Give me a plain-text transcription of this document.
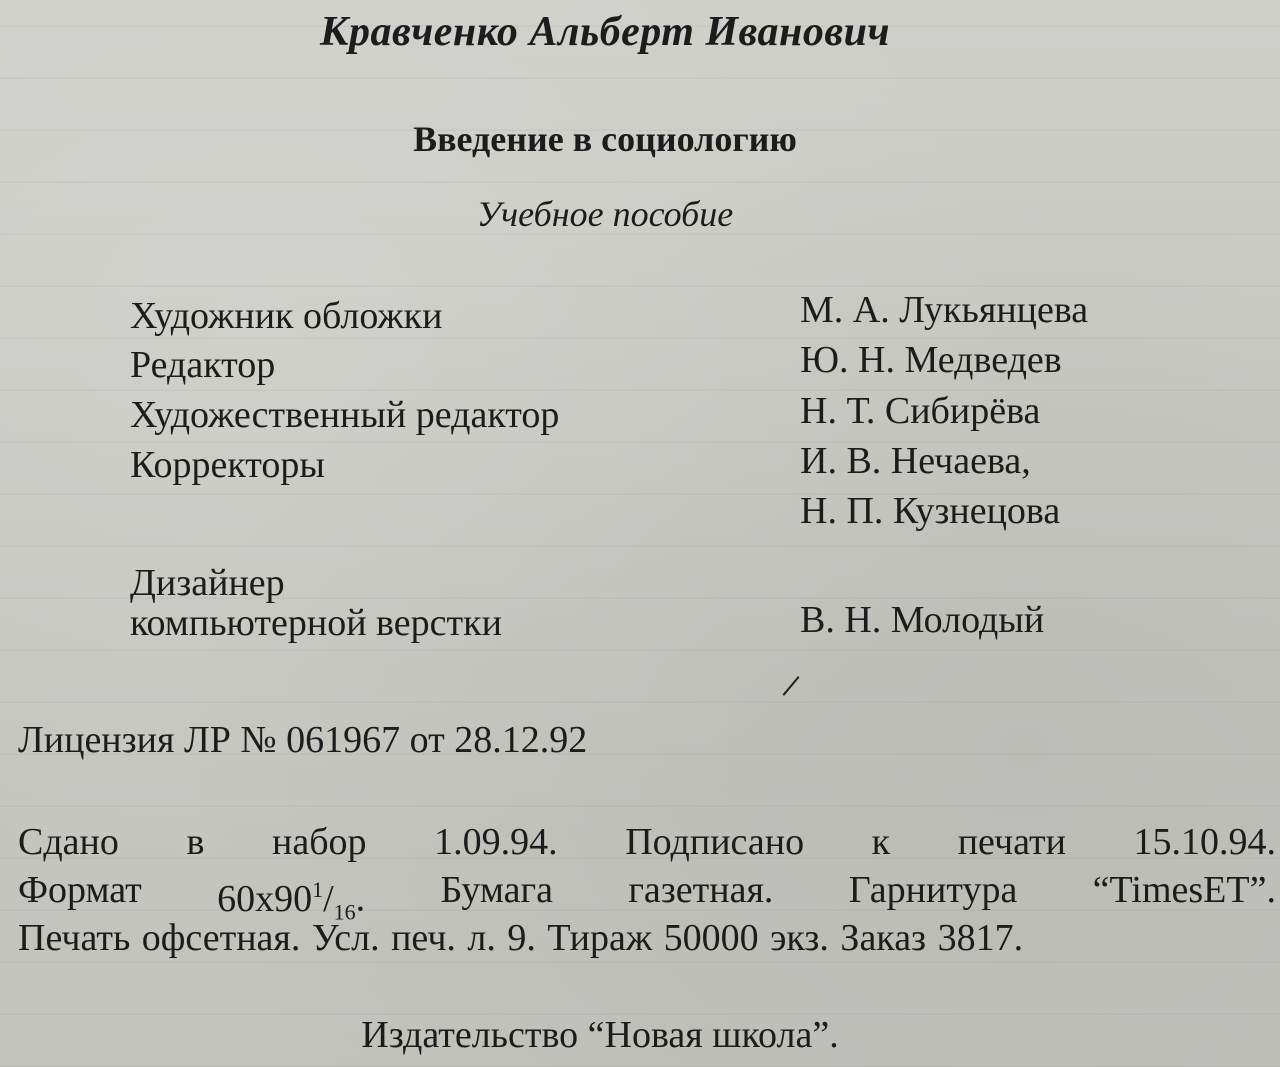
Кравченко Альберт Иванович
Введение в социологию
Учебное пособие
Художник обложки	М. А. Лукьянцева
Редактор	Ю. Н. Медведев
Художественный редактор	Н. Т. Сибирёва
Корректоры	И. В. Нечаева,
Н. П. Кузнецова
Дизайнер
компьютерной верстки	В. Н. Молодый
Лицензия ЛР № 061967 от 28.12.92
Сдано в набор 1.09.94. Подписано к печати 15.10.94.
Формат $60x90^1/_{16}$. Бумага газетная. Гарнитура “TimesET”.
Печать офсетная. Усл. печ. л. 9. Тираж 50000 экз. Заказ 3817.
Издательство “Новая школа”.
